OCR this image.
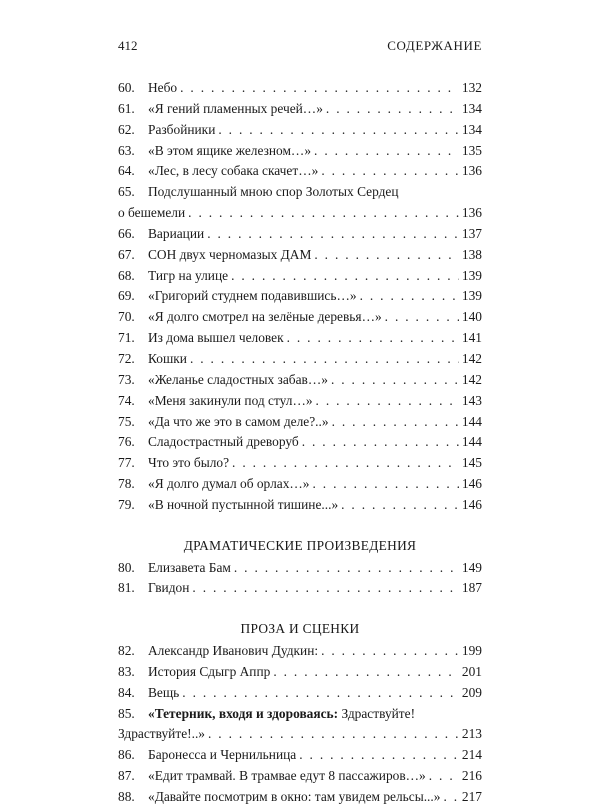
412	СОДЕРЖАНИЕ
60. Небо . . .	132
61. «Я гений пламенных речей…» . . .	134
62. Разбойники . . .	134
63. «В этом ящике железном…» . . .	135
64. «Лес, в лесу собака скачет…» . . .	136
65. Подслушанный мною спор Золотых Сердец
о бешемели . . .	136
66. Вариации . . .	137
67. СОН двух черномазых ДАМ . . .	138
68. Тигр на улице . . .	139
69. «Григорий студнем подавившись…» . . .	139
70. «Я долго смотрел на зелёные деревья…» . . .	140
71. Из дома вышел человек . . .	141
72. Кошки . . .	142
73. «Желанье сладостных забав…» . . .	142
74. «Меня закинули под стул…» . . .	143
75. «Да что же это в самом деле?..» . . .	144
76. Сладострастный древоруб . . .	144
77. Что это было? . . .	145
78. «Я долго думал об орлах…» . . .	146
79. «В ночной пустынной тишине...» . . .	146
ДРАМАТИЧЕСКИЕ ПРОИЗВЕДЕНИЯ
80. Елизавета Бам . . .	149
81. Гвидон . . .	187
ПРОЗА И СЦЕНКИ
82. Александр Иванович Дудкин: . . .	199
83. История Сдыгр Аппр . . .	201
84. Вещь . . .	209
85. «Тетерник, входя и здороваясь: Здраствуйте!
Здраствуйте!..» . . .	213
86. Баронесса и Чернильница . . .	214
87. «Едит трамвай. В трамвае едут 8 пассажиров…» . . .	216
88. «Давайте посмотрим в окно: там увидем рельсы...» . . . 217
